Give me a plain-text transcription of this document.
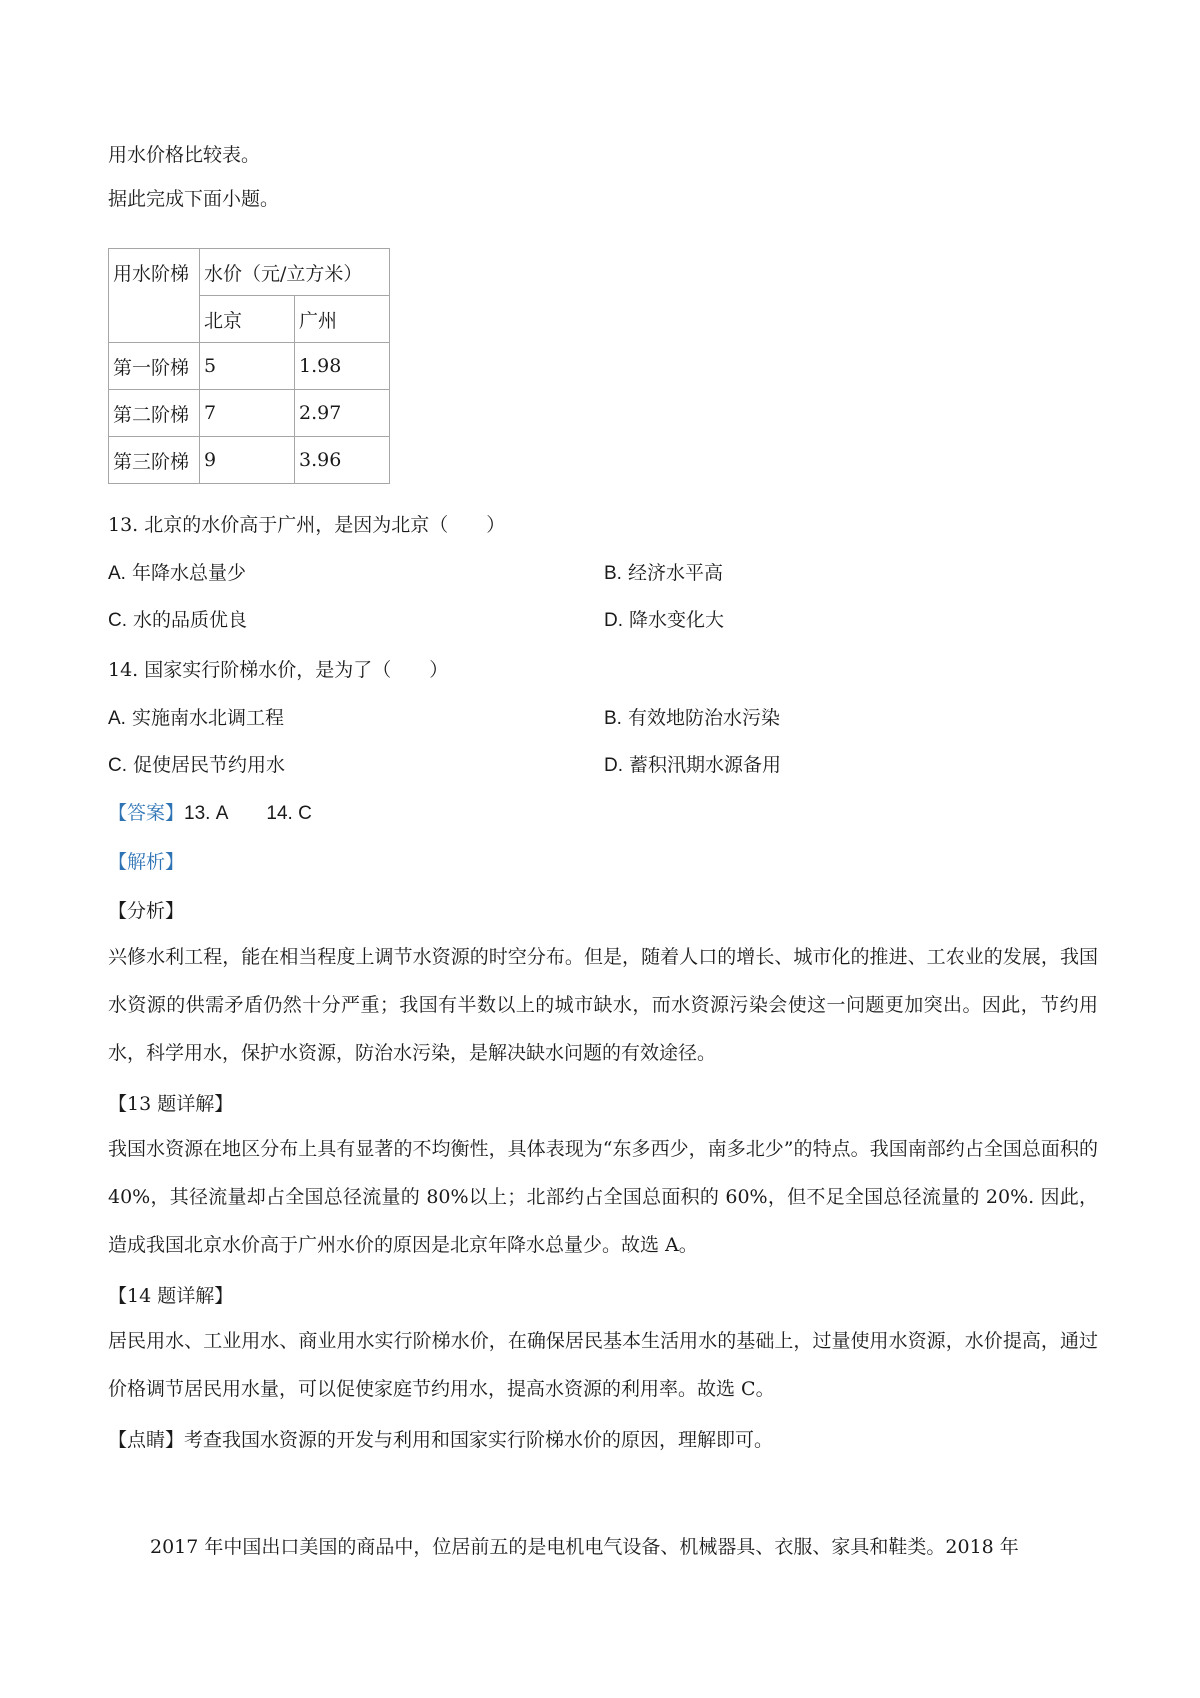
用水价格比较表。
据此完成下面小题。
用水阶梯	水价（元/立方米）	
	北京	广州
第一阶梯	5	1.98
第二阶梯	7	2.97
第三阶梯	9	3.96
13. 北京的水价高于广州，是因为北京（　　）
A. 年降水总量少	B. 经济水平高
C. 水的品质优良	D. 降水变化大
14. 国家实行阶梯水价，是为了（　　）
A. 实施南水北调工程	B. 有效地防治水污染
C. 促使居民节约用水	D. 蓄积汛期水源备用
【答案】13. A 14. C
【解析】
【分析】
兴修水利工程，能在相当程度上调节水资源的时空分布。但是，随着人口的增长、城市化的推进、工农业的发展，我国水资源的供需矛盾仍然十分严重；我国有半数以上的城市缺水，而水资源污染会使这一问题更加突出。因此，节约用水，科学用水，保护水资源，防治水污染，是解决缺水问题的有效途径。
【13 题详解】
我国水资源在地区分布上具有显著的不均衡性，具体表现为“东多西少，南多北少”的特点。我国南部约占全国总面积的 40%，其径流量却占全国总径流量的 80%以上；北部约占全国总面积的 60%，但不足全国总径流量的 20%. 因此，造成我国北京水价高于广州水价的原因是北京年降水总量少。故选 A。
【14 题详解】
居民用水、工业用水、商业用水实行阶梯水价，在确保居民基本生活用水的基础上，过量使用水资源，水价提高，通过价格调节居民用水量，可以促使家庭节约用水，提高水资源的利用率。故选 C。
【点睛】考查我国水资源的开发与利用和国家实行阶梯水价的原因，理解即可。
2017 年中国出口美国的商品中，位居前五的是电机电气设备、机械器具、衣服、家具和鞋类。2018 年
